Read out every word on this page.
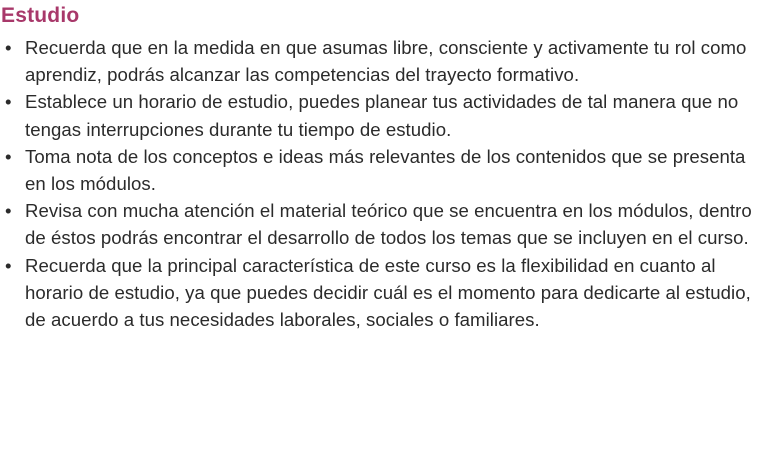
Estudio
• Recuerda que en la medida en que asumas libre, consciente y activamente tu rol como aprendiz, podrás alcanzar las competencias del trayecto formativo.
• Establece un horario de estudio, puedes planear tus actividades de tal manera que no tengas interrupciones durante tu tiempo de estudio.
• Toma nota de los conceptos e ideas más relevantes de los contenidos que se presenta en los módulos.
• Revisa con mucha atención el material teórico que se encuentra en los módulos, dentro de éstos podrás encontrar el desarrollo de todos los temas que se incluyen en el curso.
• Recuerda que la principal característica de este curso es la flexibilidad en cuanto al horario de estudio, ya que puedes decidir cuál es el momento para dedicarte al estudio, de acuerdo a tus necesidades laborales, sociales o familiares.
